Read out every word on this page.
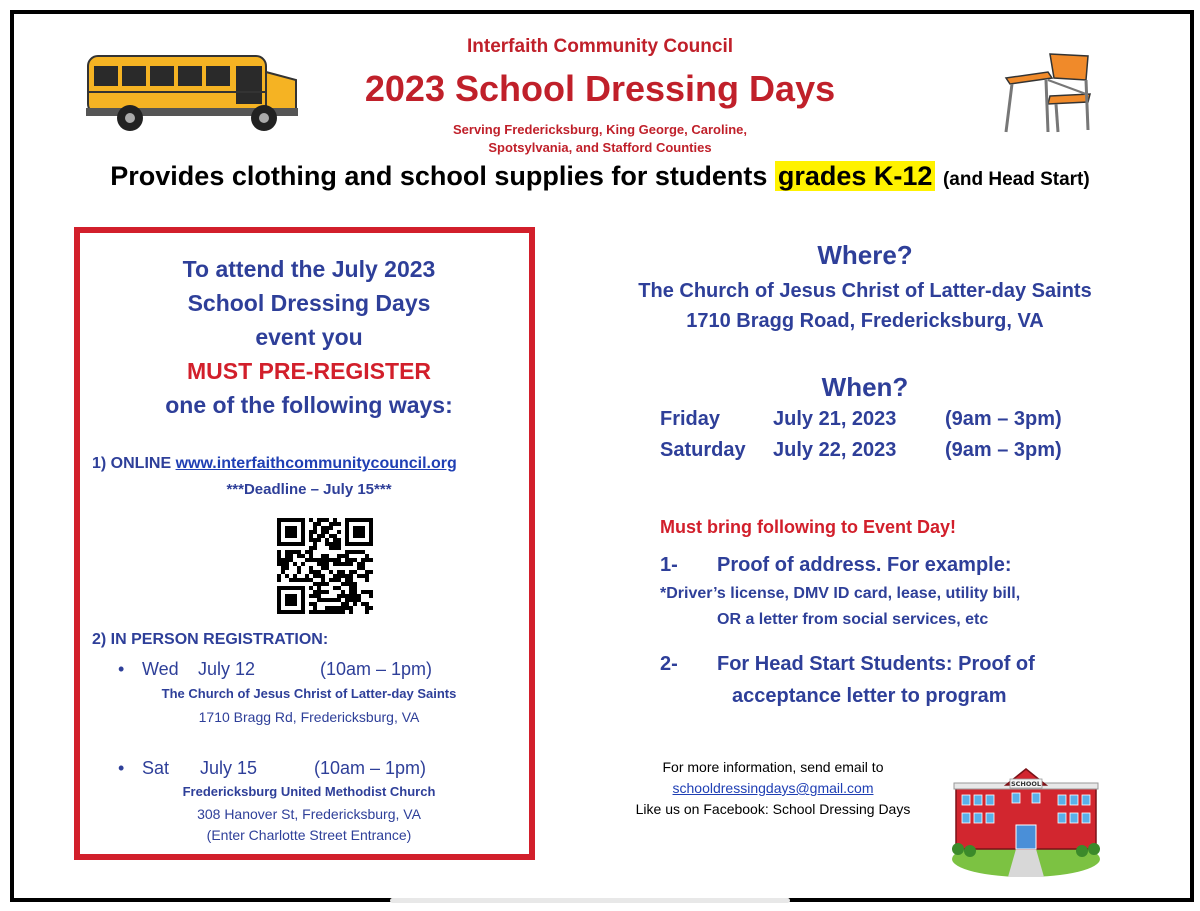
Interfaith Community Council
2023 School Dressing Days
Serving Fredericksburg, King George, Caroline,
Spotsylvania, and Stafford Counties
Provides clothing and school supplies for students grades K-12 (and Head Start)
To attend the July 2023
School Dressing Days
event you
MUST PRE-REGISTER
one of the following ways:
1) ONLINE www.interfaithcommunitycouncil.org
***Deadline – July 15***
2) IN PERSON REGISTRATION:
• Wed July 12	(10am – 1pm)
The Church of Jesus Christ of Latter-day Saints
1710 Bragg Rd, Fredericksburg, VA
• Sat July 15	(10am – 1pm)
Fredericksburg United Methodist Church
308 Hanover St, Fredericksburg, VA
(Enter Charlotte Street Entrance)
Where?
The Church of Jesus Christ of Latter-day Saints
1710 Bragg Road, Fredericksburg, VA
When?
Friday	July 21, 2023 (9am – 3pm)
Saturday July 22, 2023 (9am – 3pm)
Must bring following to Event Day!
1- Proof of address. For example:
*Driver’s license, DMV ID card, lease, utility bill,
OR a letter from social services, etc
2- For Head Start Students: Proof of
acceptance letter to program
For more information, send email to
schooldressingdays@gmail.com
Like us on Facebook: School Dressing Days
SCHOOL
